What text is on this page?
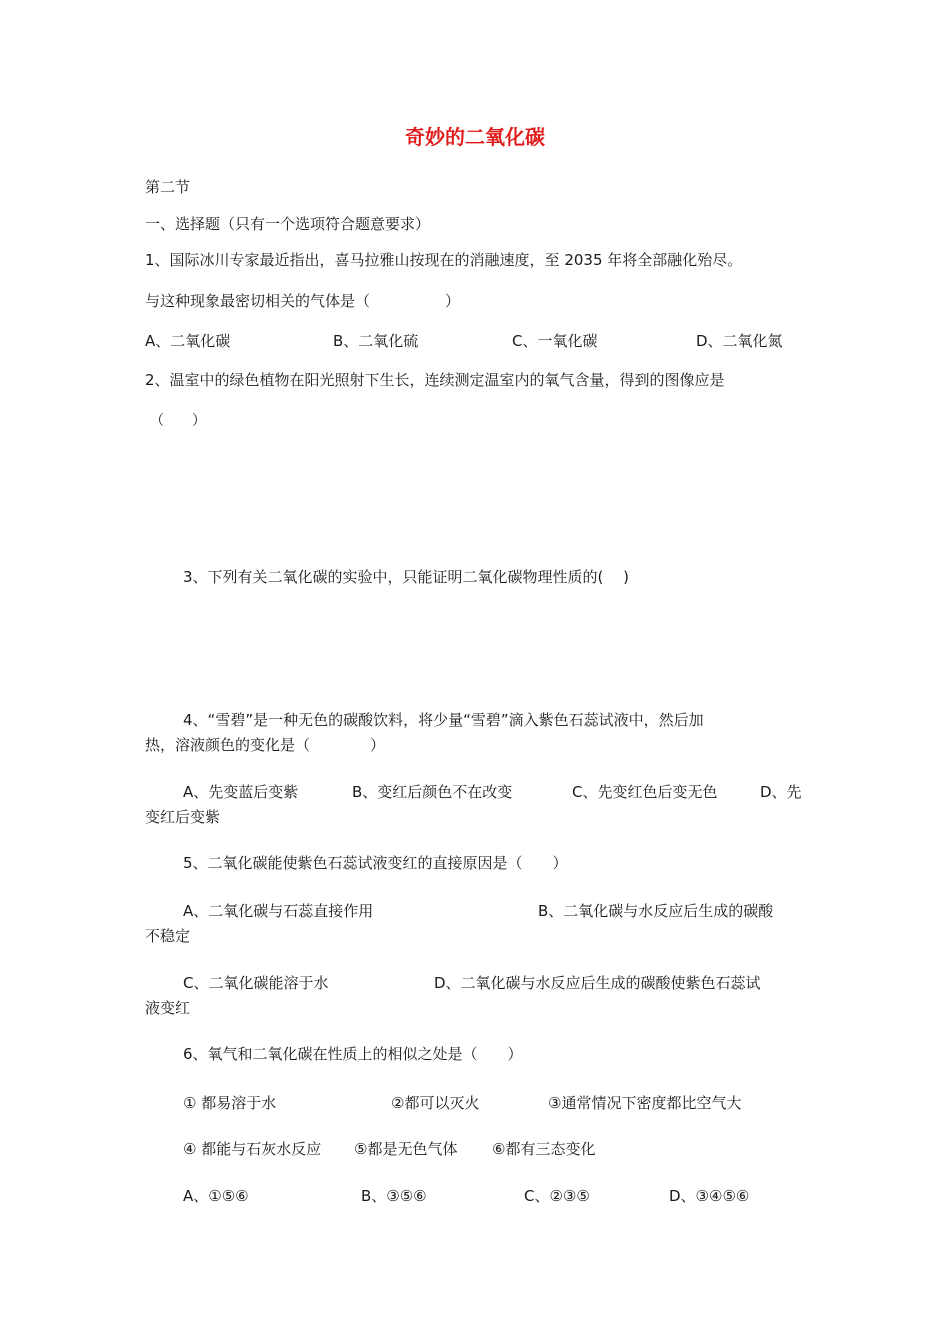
奇妙的二氧化碳
第二节
一、选择题（只有一个选项符合题意要求）
1、国际冰川专家最近指出，喜马拉雅山按现在的消融速度，至 2035 年将全部融化殆尽。
与这种现象最密切相关的气体是（　　　　　）
A、二氧化碳	B、二氧化硫	C、一氧化碳	D、二氧化氮
2、温室中的绿色植物在阳光照射下生长，连续测定温室内的氧气含量，得到的图像应是
（　　）
3、下列有关二氧化碳的实验中，只能证明二氧化碳物理性质的(　 )
4、“雪碧”是一种无色的碳酸饮料，将少量“雪碧”滴入紫色石蕊试液中，然后加
热，溶液颜色的变化是（　　　　）
A、先变蓝后变紫	B、变红后颜色不在改变	C、先变红色后变无色	D、先
变红后变紫
5、二氧化碳能使紫色石蕊试液变红的直接原因是（　　）
A、二氧化碳与石蕊直接作用	B、二氧化碳与水反应后生成的碳酸
不稳定
C、二氧化碳能溶于水	D、二氧化碳与水反应后生成的碳酸使紫色石蕊试
液变红
6、氧气和二氧化碳在性质上的相似之处是（　　）
① 都易溶于水	②都可以灭火	③通常情况下密度都比空气大
④ 都能与石灰水反应 ⑤都是无色气体 ⑥都有三态变化
A、①⑤⑥	B、③⑤⑥	C、②③⑤	D、③④⑤⑥
